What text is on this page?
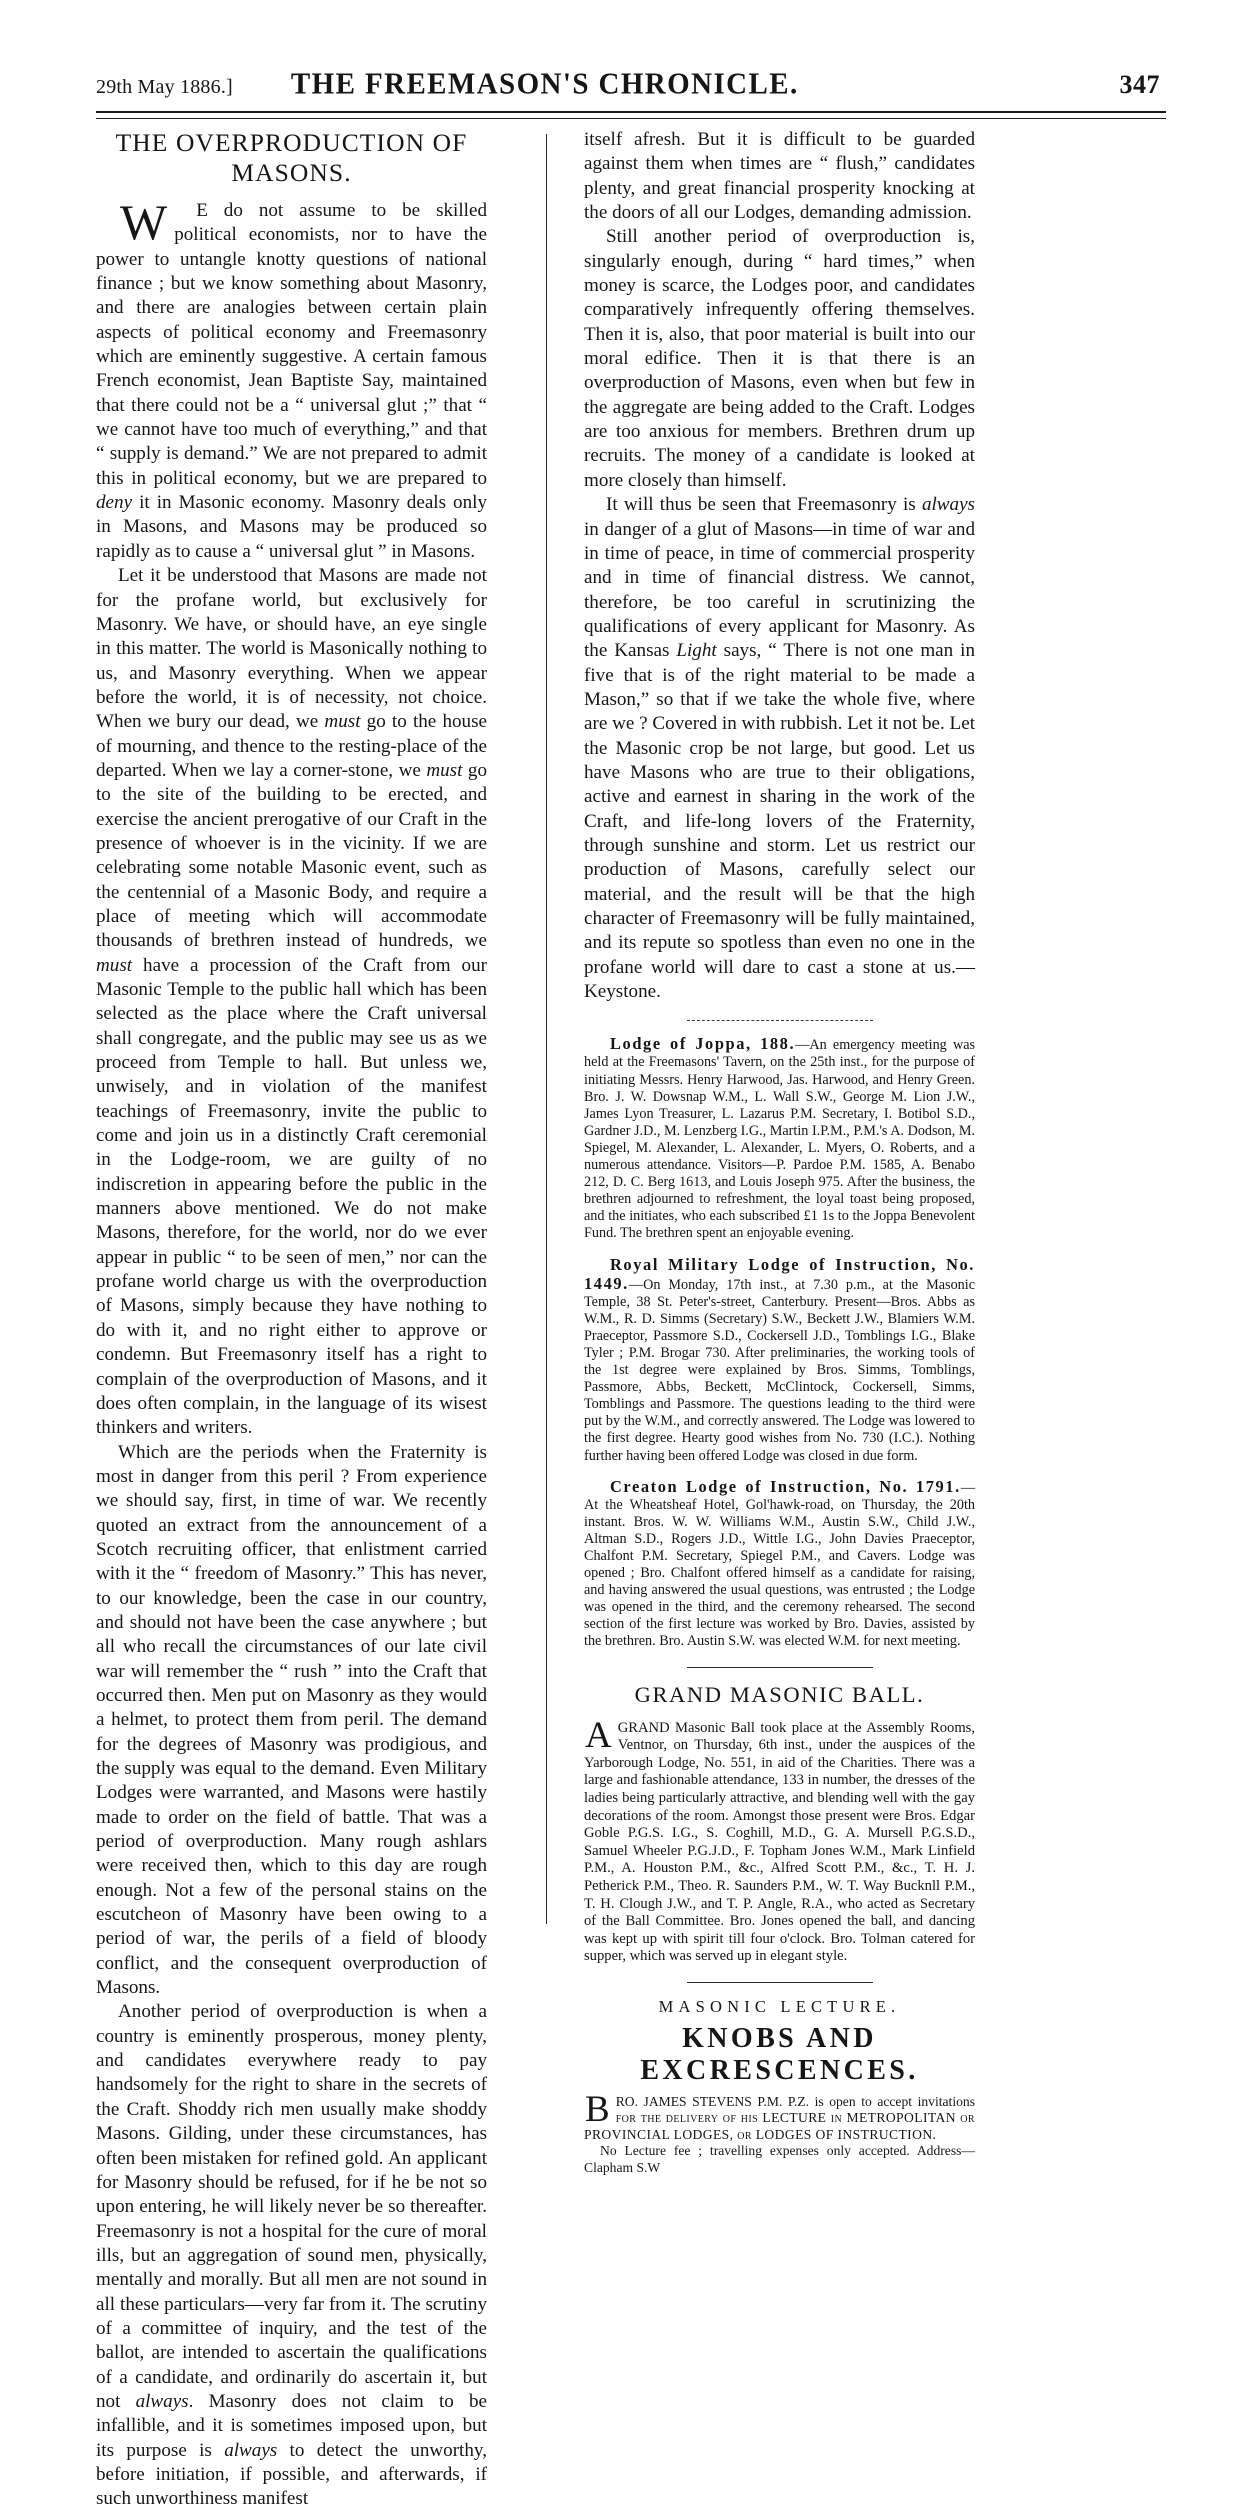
29th May 1886.] THE FREEMASON'S CHRONICLE.	347
THE OVERPRODUCTION OF MASONS.

W	E do not assume to be skilled political economists, nor to have the power to untangle knotty questions of national finance ; but we know something about Masonry, and there are analogies between certain plain aspects of political economy and Freemasonry which are eminently suggestive. A certain famous French economist, Jean Baptiste Say, maintained that there could not be a “ universal glut ;” that “ we cannot have too much of everything,” and that “ supply is demand.” We are not prepared to admit this in political economy, but we are prepared to deny it in Masonic economy. Masonry deals only in Masons, and Masons may be produced so rapidly as to cause a “ universal glut ” in Masons.

Let it be understood that Masons are made not for the profane world, but exclusively for Masonry. We have, or should have, an eye single in this matter. The world is Masonically nothing to us, and Masonry everything. When we appear before the world, it is of necessity, not choice. When we bury our dead, we must go to the house of mourning, and thence to the resting-place of the departed. When we lay a corner-stone, we must go to the site of the building to be erected, and exercise the ancient prerogative of our Craft in the presence of whoever is in the vicinity. If we are celebrating some notable Masonic event, such as the centennial of a Masonic Body, and require a place of meeting which will accommodate thousands of brethren instead of hundreds, we must have a procession of the Craft from our Masonic Temple to the public hall which has been selected as the place where the Craft universal shall congregate, and the public may see us as we proceed from Temple to hall. But unless we, unwisely, and in violation of the manifest teachings of Freemasonry, invite the public to come and join us in a distinctly Craft ceremonial in the Lodge-room, we are guilty of no indiscretion in appearing before the public in the manners above mentioned. We do not make Masons, therefore, for the world, nor do we ever appear in public “ to be seen of men,” nor can the profane world charge us with the overproduction of Masons, simply because they have nothing to do with it, and no right either to approve or condemn. But Freemasonry itself has a right to complain of the overproduction of Masons, and it does often complain, in the language of its wisest thinkers and writers.

Which are the periods when the Fraternity is most in danger from this peril ? From experience we should say, first, in time of war. We recently quoted an extract from the announcement of a Scotch recruiting officer, that enlistment carried with it the “ freedom of Masonry.” This has never, to our knowledge, been the case in our country, and should not have been the case anywhere ; but all who recall the circumstances of our late civil war will remember the “ rush ” into the Craft that occurred then. Men put on Masonry as they would a helmet, to protect them from peril. The demand for the degrees of Masonry was prodigious, and the supply was equal to the demand. Even Military Lodges were warranted, and Masons were hastily made to order on the field of battle. That was a period of overproduction. Many rough ashlars were received then, which to this day are rough enough. Not a few of the personal stains on the escutcheon of Masonry have been owing to a period of war, the perils of a field of bloody conflict, and the consequent overproduction of Masons.

Another period of overproduction is when a country is eminently prosperous, money plenty, and candidates everywhere ready to pay handsomely for the right to share in the secrets of the Craft. Shoddy rich men usually make shoddy Masons. Gilding, under these circumstances, has often been mistaken for refined gold. An applicant for Masonry should be refused, for if he be not so upon entering, he will likely never be so thereafter. Freemasonry is not a hospital for the cure of moral ills, but an aggregation of sound men, physically, mentally and morally. But all men are not sound in all these particulars—very far from it. The scrutiny of a committee of inquiry, and the test of the ballot, are intended to ascertain the qualifications of a candidate, and ordinarily do ascertain it, but not always. Masonry does not claim to be infallible, and it is sometimes imposed upon, but its purpose is always to detect the unworthy, before initiation, if possible, and afterwards, if such unworthiness manifest

itself afresh. But it is difficult to be guarded against them when times are “ flush,” candidates plenty, and great financial prosperity knocking at the doors of all our Lodges, demanding admission.

Still another period of overproduction is, singularly enough, during “ hard times,” when money is scarce, the Lodges poor, and candidates comparatively infrequently offering themselves. Then it is, also, that poor material is built into our moral edifice. Then it is that there is an overproduction of Masons, even when but few in the aggregate are being added to the Craft. Lodges are too anxious for members. Brethren drum up recruits. The money of a candidate is looked at more closely than himself.

It will thus be seen that Freemasonry is always in danger of a glut of Masons—in time of war and in time of peace, in time of commercial prosperity and in time of financial distress. We cannot, therefore, be too careful in scrutinizing the qualifications of every applicant for Masonry. As the Kansas Light says, “ There is not one man in five that is of the right material to be made a Mason,” so that if we take the whole five, where are we ? Covered in with rubbish. Let it not be. Let the Masonic crop be not large, but good. Let us have Masons who are true to their obligations, active and earnest in sharing in the work of the Craft, and life-long lovers of the Fraternity, through sunshine and storm. Let us restrict our production of Masons, carefully select our material, and the result will be that the high character of Freemasonry will be fully maintained, and its repute so spotless than even no one in the profane world will dare to cast a stone at us.—Keystone.

Lodge of Joppa, 188.—An emergency meeting was held at the Freemasons' Tavern, on the 25th inst., for the purpose of initiating Messrs. Henry Harwood, Jas. Harwood, and Henry Green. Bro. J. W. Dowsnap W.M., L. Wall S.W., George M. Lion J.W., James Lyon Treasurer, L. Lazarus P.M. Secretary, I. Botibol S.D., Gardner J.D., M. Lenzberg I.G., Martin I.P.M., P.M.'s A. Dodson, M. Spiegel, M. Alexander, L. Alexander, L. Myers, O. Roberts, and a numerous attendance. Visitors—P. Pardoe P.M. 1585, A. Benabo 212, D. C. Berg 1613, and Louis Joseph 975. After the business, the brethren adjourned to refreshment, the loyal toast being proposed, and the initiates, who each subscribed £1 1s to the Joppa Benevolent Fund. The brethren spent an enjoyable evening.

Royal Military Lodge of Instruction, No. 1449.—On Monday, 17th inst., at 7.30 p.m., at the Masonic Temple, 38 St. Peter's-street, Canterbury. Present—Bros. Abbs as W.M., R. D. Simms (Secretary) S.W., Beckett J.W., Blamiers W.M. Praeceptor, Passmore S.D., Cockersell J.D., Tomblings I.G., Blake Tyler ; P.M. Brogar 730. After preliminaries, the working tools of the 1st degree were explained by Bros. Simms, Tomblings, Passmore, Abbs, Beckett, McClintock, Cockersell, Simms, Tomblings and Passmore. The questions leading to the third were put by the W.M., and correctly answered. The Lodge was lowered to the first degree. Hearty good wishes from No. 730 (I.C.). Nothing further having been offered Lodge was closed in due form.

Creaton Lodge of Instruction, No. 1791.—At the Wheatsheaf Hotel, Gol'hawk-road, on Thursday, the 20th instant. Bros. W. W. Williams W.M., Austin S.W., Child J.W., Altman S.D., Rogers J.D., Wittle I.G., John Davies Praeceptor, Chalfont P.M. Secretary, Spiegel P.M., and Cavers. Lodge was opened ; Bro. Chalfont offered himself as a candidate for raising, and having answered the usual questions, was entrusted ; the Lodge was opened in the third, and the ceremony rehearsed. The second section of the first lecture was worked by Bro. Davies, assisted by the brethren. Bro. Austin S.W. was elected W.M. for next meeting.

GRAND MASONIC BALL.

AGRAND Masonic Ball took place at the Assembly Rooms, Ventnor, on Thursday, 6th inst., under the auspices of the Yarborough Lodge, No. 551, in aid of the Charities. There was a large and fashionable attendance, 133 in number, the dresses of the ladies being particularly attractive, and blending well with the gay decorations of the room. Amongst those present were Bros. Edgar Goble P.G.S. I.G., S. Coghill, M.D., G. A. Mursell P.G.S.D., Samuel Wheeler P.G.J.D., F. Topham Jones W.M., Mark Linfield P.M., A. Houston P.M., &c., Alfred Scott P.M., &c., T. H. J. Petherick P.M., Theo. R. Saunders P.M., W. T. Way Bucknll P.M., T. H. Clough J.W., and T. P. Angle, R.A., who acted as Secretary of the Ball Committee. Bro. Jones opened the ball, and dancing was kept up with spirit till four o'clock. Bro. Tolman catered for supper, which was served up in elegant style.

MASONIC LECTURE.
KNOBS AND EXCRESCENCES.

BRO. JAMES STEVENS P.M. P.Z. is open to accept invitations for the delivery of his LECTURE in METROPOLITAN or PROVINCIAL LODGES, or LODGES OF INSTRUCTION.

No Lecture fee ; travelling expenses only accepted. Address—Clapham S.W
